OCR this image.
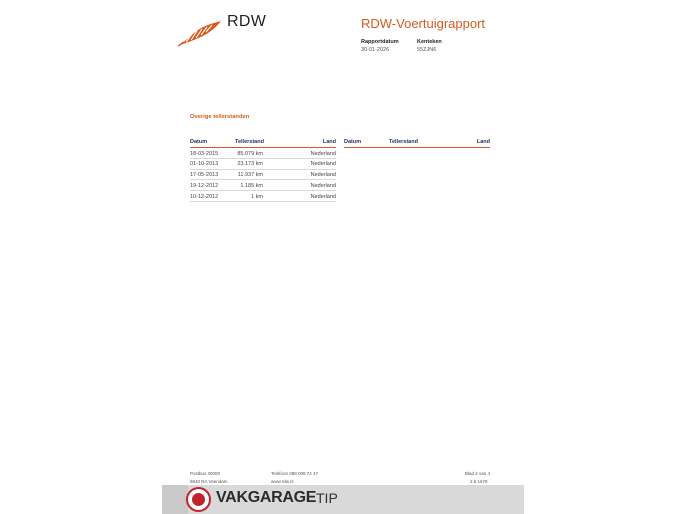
RDW	RDW-Voertuigrapport
Rapportdatum
30-01-2026
Kenteken
55ZJN6
Overige tellerstanden
Datum	Tellerstand	Land
18-03-2015	85.079 km	Nederland
01-10-2013	23.173 km	Nederland
17-05-2013	11.937 km	Nederland
19-12-2012	1.185 km	Nederland
10-12-2012	1 km	Nederland
Datum	Tellerstand	Land
Postbus 30000
9640 RA Veendam
Telefoon 088 008 74 47
www.rdw.nl
Blad 2 van 4
2.6.1678
VAKGARAGE TIP
